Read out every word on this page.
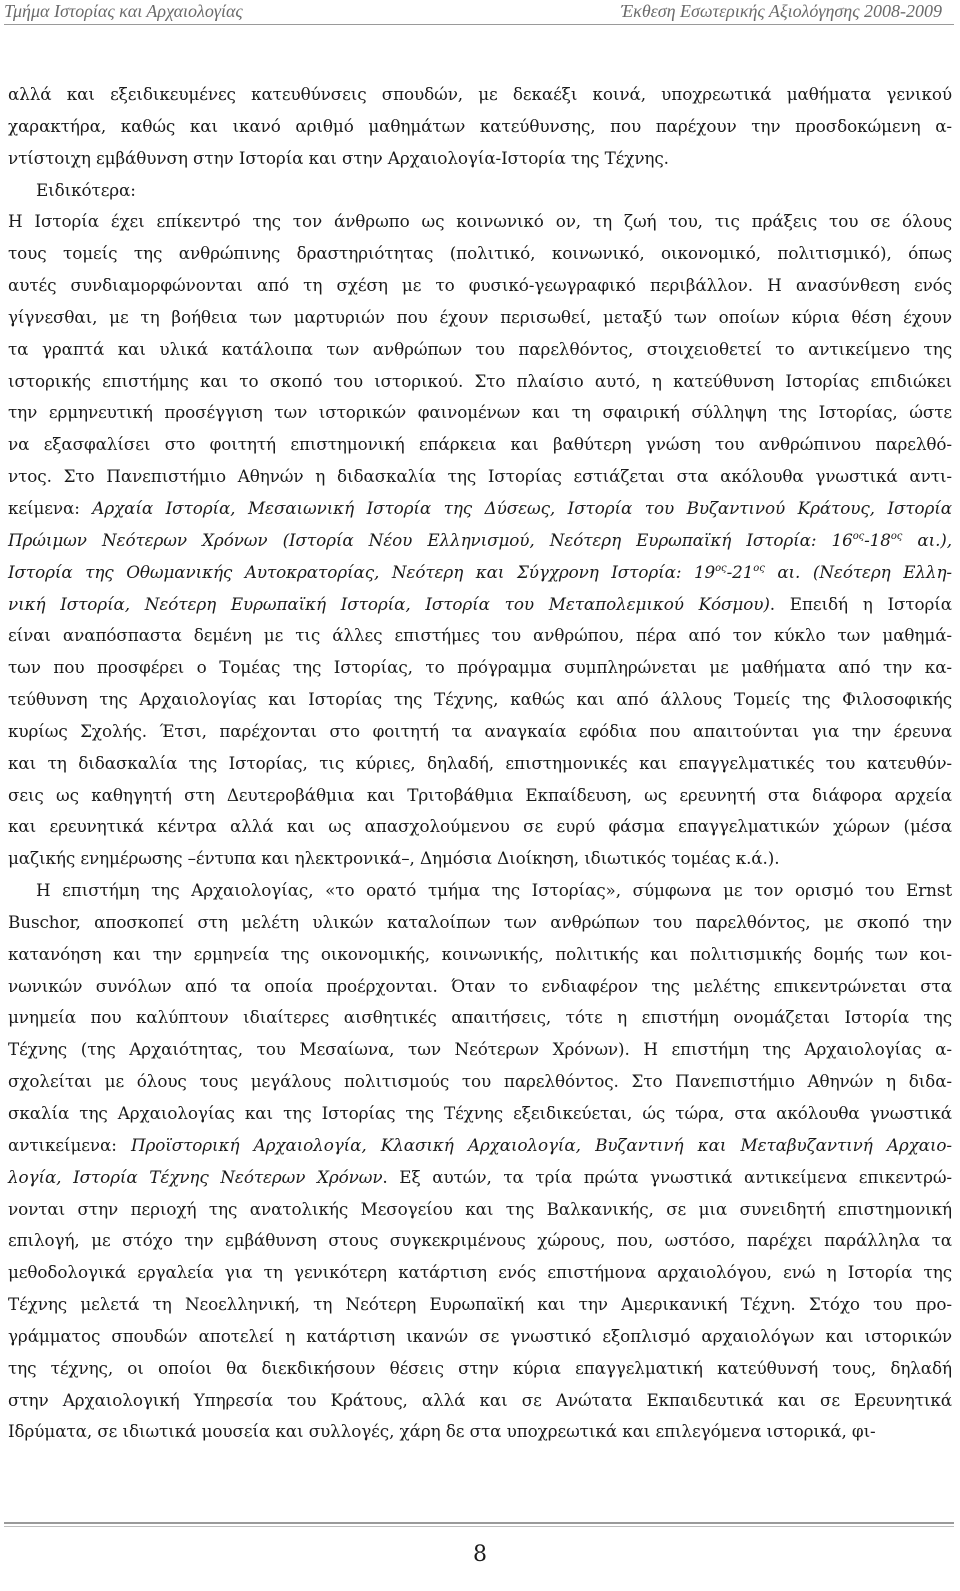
Τμήμα Ιστορίας και Αρχαιολογίας	Έκθεση Εσωτερικής Αξιολόγησης 2008-2009
αλλά και εξειδικευμένες κατευθύνσεις σπουδών, με δεκαέξι κοινά, υποχρεωτικά μαθήματα γενικού
χαρακτήρα, καθώς και ικανό αριθμό μαθημάτων κατεύθυνσης, που παρέχουν την προσδοκώμενη α-
ντίστοιχη εμβάθυνση στην Ιστορία και στην Αρχαιολογία-Ιστορία της Τέχνης.
Ειδικότερα:
Η Ιστορία έχει επίκεντρό της τον άνθρωπο ως κοινωνικό ον, τη ζωή του, τις πράξεις του σε όλους
τους τομείς της ανθρώπινης δραστηριότητας (πολιτικό, κοινωνικό, οικονομικό, πολιτισμικό), όπως
αυτές συνδιαμορφώνονται από τη σχέση με το φυσικό-γεωγραφικό περιβάλλον. Η ανασύνθεση ενός
γίγνεσθαι, με τη βοήθεια των μαρτυριών που έχουν περισωθεί, μεταξύ των οποίων κύρια θέση έχουν
τα γραπτά και υλικά κατάλοιπα των ανθρώπων του παρελθόντος, στοιχειοθετεί το αντικείμενο της
ιστορικής επιστήμης και το σκοπό του ιστορικού. Στο πλαίσιο αυτό, η κατεύθυνση Ιστορίας επιδιώκει
την ερμηνευτική προσέγγιση των ιστορικών φαινομένων και τη σφαιρική σύλληψη της Ιστορίας, ώστε
να εξασφαλίσει στο φοιτητή επιστημονική επάρκεια και βαθύτερη γνώση του ανθρώπινου παρελθό-
ντος. Στο Πανεπιστήμιο Αθηνών η διδασκαλία της Ιστορίας εστιάζεται στα ακόλουθα γνωστικά αντι-
κείμενα: Αρχαία Ιστορία, Μεσαιωνική Ιστορία της Δύσεως, Ιστορία του Βυζαντινού Κράτους, Ιστορία
Πρώιμων Νεότερων Χρόνων (Ιστορία Νέου Ελληνισμού, Νεότερη Ευρωπαϊκή Ιστορία: $16^{o\varsigma}-18^{o\varsigma}$ αι.),
Ιστορία της Οθωμανικής Αυτοκρατορίας, Νεότερη και Σύγχρονη Ιστορία: $19^{o\varsigma}-21^{o\varsigma}$ αι. (Νεότερη Ελλη-
νική Ιστορία, Νεότερη Ευρωπαϊκή Ιστορία, Ιστορία του Μεταπολεμικού Κόσμου). Επειδή η Ιστορία
είναι αναπόσπαστα δεμένη με τις άλλες επιστήμες του ανθρώπου, πέρα από τον κύκλο των μαθημά-
των που προσφέρει ο Τομέας της Ιστορίας, το πρόγραμμα συμπληρώνεται με μαθήματα από την κα-
τεύθυνση της Αρχαιολογίας και Ιστορίας της Τέχνης, καθώς και από άλλους Τομείς της Φιλοσοφικής
κυρίως Σχολής. Έτσι, παρέχονται στο φοιτητή τα αναγκαία εφόδια που απαιτούνται για την έρευνα
και τη διδασκαλία της Ιστορίας, τις κύριες, δηλαδή, επιστημονικές και επαγγελματικές του κατευθύν-
σεις ως καθηγητή στη Δευτεροβάθμια και Τριτοβάθμια Εκπαίδευση, ως ερευνητή στα διάφορα αρχεία
και ερευνητικά κέντρα αλλά και ως απασχολούμενου σε ευρύ φάσμα επαγγελματικών χώρων (μέσα
μαζικής ενημέρωσης –έντυπα και ηλεκτρονικά–, Δημόσια Διοίκηση, ιδιωτικός τομέας κ.ά.).
Η επιστήμη της Αρχαιολογίας, «το ορατό τμήμα της Ιστορίας», σύμφωνα με τον ορισμό του Ernst
Buschor, αποσκοπεί στη μελέτη υλικών καταλοίπων των ανθρώπων του παρελθόντος, με σκοπό την
κατανόηση και την ερμηνεία της οικονομικής, κοινωνικής, πολιτικής και πολιτισμικής δομής των κοι-
νωνικών συνόλων από τα οποία προέρχονται. Όταν το ενδιαφέρον της μελέτης επικεντρώνεται στα
μνημεία που καλύπτουν ιδιαίτερες αισθητικές απαιτήσεις, τότε η επιστήμη ονομάζεται Ιστορία της
Τέχνης (της Αρχαιότητας, του Μεσαίωνα, των Νεότερων Χρόνων). Η επιστήμη της Αρχαιολογίας α-
σχολείται με όλους τους μεγάλους πολιτισμούς του παρελθόντος. Στο Πανεπιστήμιο Αθηνών η διδα-
σκαλία της Αρχαιολογίας και της Ιστορίας της Τέχνης εξειδικεύεται, ώς τώρα, στα ακόλουθα γνωστικά
αντικείμενα: Προϊστορική Αρχαιολογία, Κλασική Αρχαιολογία, Βυζαντινή και Μεταβυζαντινή Αρχαιο-
λογία, Ιστορία Τέχνης Νεότερων Χρόνων. Εξ αυτών, τα τρία πρώτα γνωστικά αντικείμενα επικεντρώ-
νονται στην περιοχή της ανατολικής Μεσογείου και της Βαλκανικής, σε μια συνειδητή επιστημονική
επιλογή, με στόχο την εμβάθυνση στους συγκεκριμένους χώρους, που, ωστόσο, παρέχει παράλληλα τα
μεθοδολογικά εργαλεία για τη γενικότερη κατάρτιση ενός επιστήμονα αρχαιολόγου, ενώ η Ιστορία της
Τέχνης μελετά τη Νεοελληνική, τη Νεότερη Ευρωπαϊκή και την Αμερικανική Τέχνη. Στόχο του προ-
γράμματος σπουδών αποτελεί η κατάρτιση ικανών σε γνωστικό εξοπλισμό αρχαιολόγων και ιστορικών
της τέχνης, οι οποίοι θα διεκδικήσουν θέσεις στην κύρια επαγγελματική κατεύθυνσή τους, δηλαδή
στην Αρχαιολογική Υπηρεσία του Κράτους, αλλά και σε Ανώτατα Εκπαιδευτικά και σε Ερευνητικά
Ιδρύματα, σε ιδιωτικά μουσεία και συλλογές, χάρη δε στα υποχρεωτικά και επιλεγόμενα ιστορικά, φι-
8
